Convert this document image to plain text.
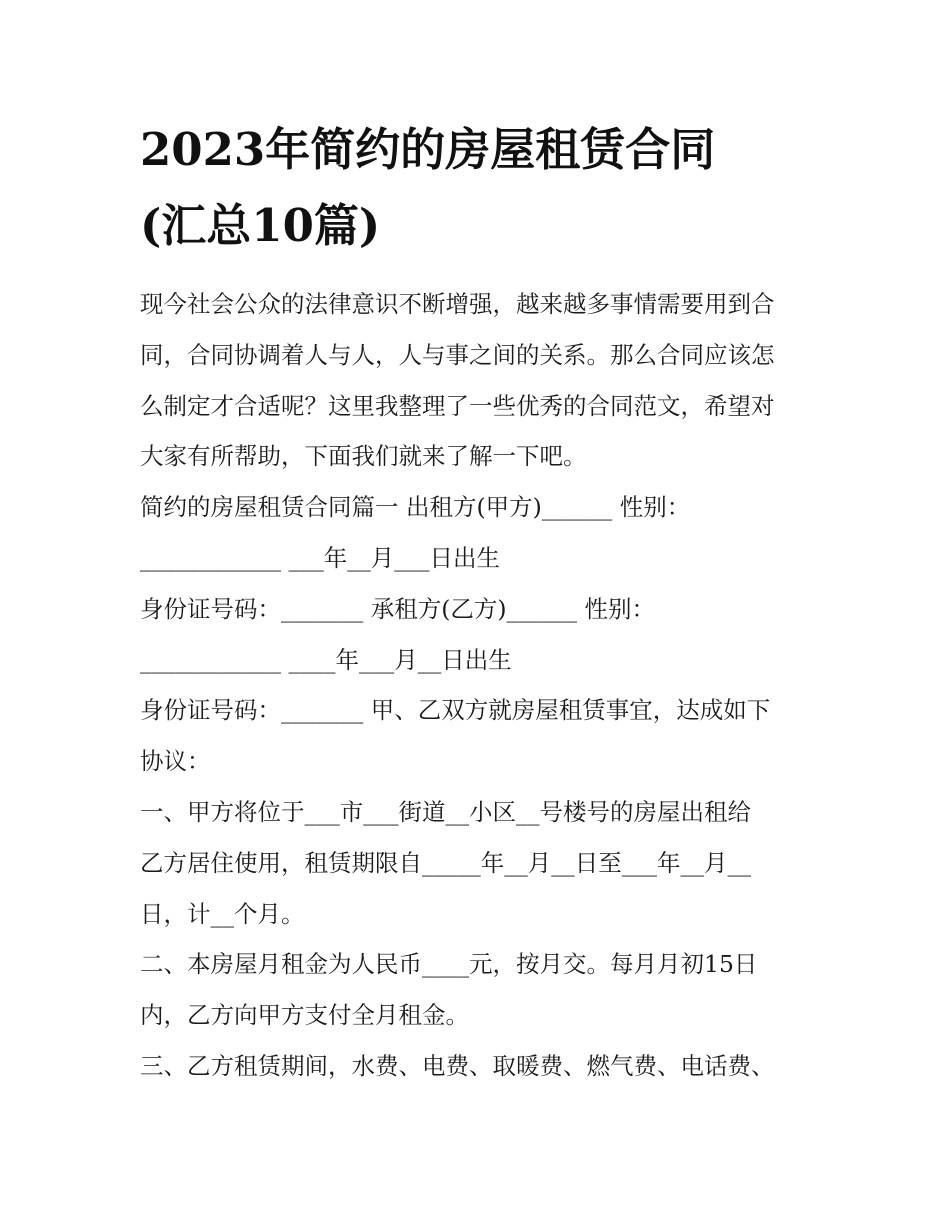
2023年简约的房屋租赁合同
(汇总10篇)
现今社会公众的法律意识不断增强，越来越多事情需要用到合
同，合同协调着人与人，人与事之间的关系。那么合同应该怎
么制定才合适呢？这里我整理了一些优秀的合同范文，希望对
大家有所帮助，下面我们就来了解一下吧。
简约的房屋租赁合同篇一 出租方(甲方)______ 性别：
____________ ___年__月___日出生
身份证号码：_______ 承租方(乙方)______ 性别：
____________ ____年___月__日出生
身份证号码：_______ 甲、乙双方就房屋租赁事宜，达成如下
协议：
一、甲方将位于___市___街道__小区__号楼号的房屋出租给
乙方居住使用，租赁期限自_____年__月__日至___年__月__
日，计__个月。
二、本房屋月租金为人民币____元，按月交。每月月初15日
内，乙方向甲方支付全月租金。
三、乙方租赁期间，水费、电费、取暖费、燃气费、电话费、
